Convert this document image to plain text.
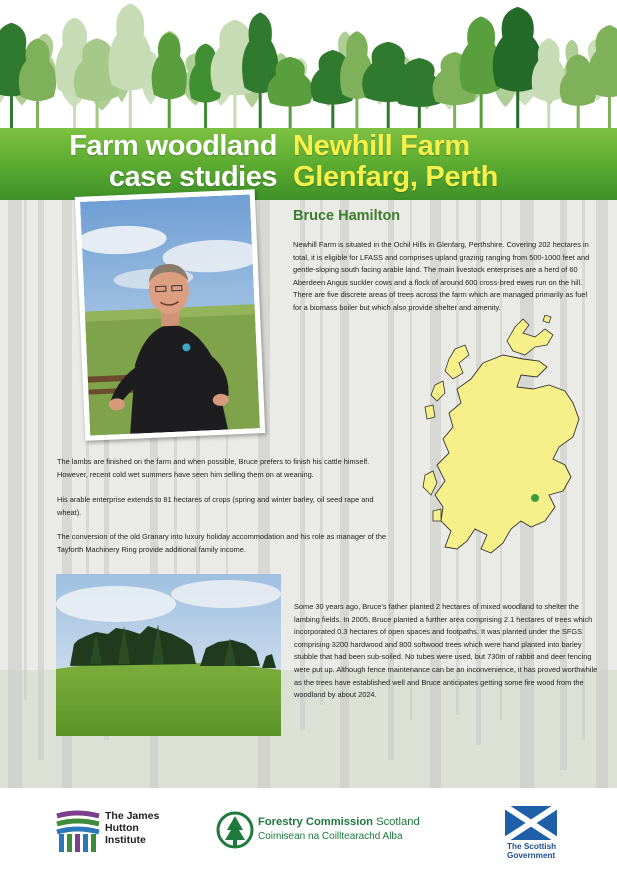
Farm woodland
case studies
Newhill Farm
Glenfarg, Perth
Bruce Hamilton

Newhill Farm is situated in the Ochil Hills in Glenfarg, Perthshire. Covering 202 hectares in total, it is eligible for LFASS and comprises upland grazing ranging from 500-1000 feet and gentle-sloping south facing arable land. The main livestock enterprises are a herd of 60 Aberdeen Angus suckler cows and a flock of around 600 cross-bred ewes run on the hill. There are five discrete areas of trees across the farm which are managed primarily as fuel for a biomass boiler but which also provide shelter and amenity.

The lambs are finished on the farm and when possible, Bruce prefers to finish his cattle himself. However, recent cold wet summers have seen him selling them on at weaning.

His arable enterprise extends to 81 hectares of crops (spring and winter barley, oil seed rape and wheat).

The conversion of the old Granary into luxury holiday accommodation and his role as manager of the Tayforth Machinery Ring provide additional family income.

Some 30 years ago, Bruce's father planted 2 hectares of mixed woodland to shelter the lambing fields. In 2005, Bruce planted a further area comprising 2.1 hectares of trees which incorporated 0.3 hectares of open spaces and footpaths. It was planted under the SFGS comprising 3200 hardwood and 800 softwood trees which were hand planted into barley stubble that had been sub-soiled. No tubes were used, but 730m of rabbit and deer fencing were put up. Although fence maintenance can be an inconvenience, it has proved worthwhile as the trees have established well and Bruce anticipates getting some fire wood from the woodland by about 2024.

The James
Hutton
Institute
Forestry Commission Scotland
Coimisean na Coilltearachd Alba
The Scottish
Government
